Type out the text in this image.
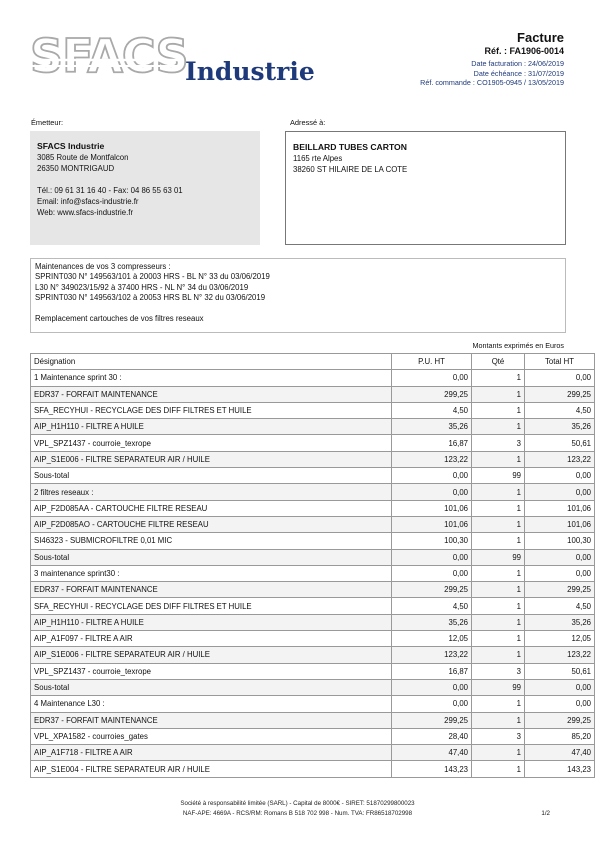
SFACS
Industrie
Facture
Réf. : FA1906-0014
Date facturation : 24/06/2019
Date échéance : 31/07/2019
Réf. commande : CO1905-0945 / 13/05/2019
Émetteur:	Adressé à:
SFACS Industrie
3085 Route de Montfalcon
26350 MONTRIGAUD
Tél.: 09 61 31 16 40 - Fax: 04 86 55 63 01
Email: info@sfacs-industrie.fr
Web: www.sfacs-industrie.fr
BEILLARD TUBES CARTON
1165 rte Alpes
38260 ST HILAIRE DE LA COTE
Maintenances de vos 3 compresseurs :
SPRINT030 N° 149563/101 à 20003 HRS - BL N° 33 du 03/06/2019
L30 N° 349023/15/92 à 37400 HRS - NL N° 34 du 03/06/2019
SPRINT030 N° 149563/102 à 20053 HRS BL N° 32 du 03/06/2019
Remplacement cartouches de vos filtres reseaux
Montants exprimés en Euros
Désignation	P.U. HT	Qté	Total HT
1 Maintenance sprint 30 :	0,00	1	0,00
EDR37 - FORFAIT MAINTENANCE	299,25	1	299,25
SFA_RECYHUI - RECYCLAGE DES DIFF FILTRES ET HUILE	4,50	1	4,50
AIP_H1H110 - FILTRE A HUILE	35,26	1	35,26
VPL_SPZ1437 - courroie_texrope	16,87	3	50,61
AIP_S1E006 - FILTRE SEPARATEUR AIR / HUILE	123,22	1	123,22
Sous-total	0,00	99	0,00
2 filtres reseaux :	0,00	1	0,00
AIP_F2D085AA - CARTOUCHE FILTRE RESEAU	101,06	1	101,06
AIP_F2D085AO - CARTOUCHE FILTRE RESEAU	101,06	1	101,06
SI46323 - SUBMICROFILTRE 0,01 MIC	100,30	1	100,30
Sous-total	0,00	99	0,00
3 maintenance sprint30 :	0,00	1	0,00
EDR37 - FORFAIT MAINTENANCE	299,25	1	299,25
SFA_RECYHUI - RECYCLAGE DES DIFF FILTRES ET HUILE	4,50	1	4,50
AIP_H1H110 - FILTRE A HUILE	35,26	1	35,26
AIP_A1F097 - FILTRE A AIR	12,05	1	12,05
AIP_S1E006 - FILTRE SEPARATEUR AIR / HUILE	123,22	1	123,22
VPL_SPZ1437 - courroie_texrope	16,87	3	50,61
Sous-total	0,00	99	0,00
4 Maintenance L30 :	0,00	1	0,00
EDR37 - FORFAIT MAINTENANCE	299,25	1	299,25
VPL_XPA1582 - courroies_gates	28,40	3	85,20
AIP_A1F718 - FILTRE A AIR	47,40	1	47,40
AIP_S1E004 - FILTRE SEPARATEUR AIR / HUILE	143,23	1	143,23
Société à responsabilité limitée (SARL) - Capital de 8000€ - SIRET: 51870299800023
NAF-APE: 4669A - RCS/RM: Romans B 518 702 998 - Num. TVA: FR86518702998	1/2
